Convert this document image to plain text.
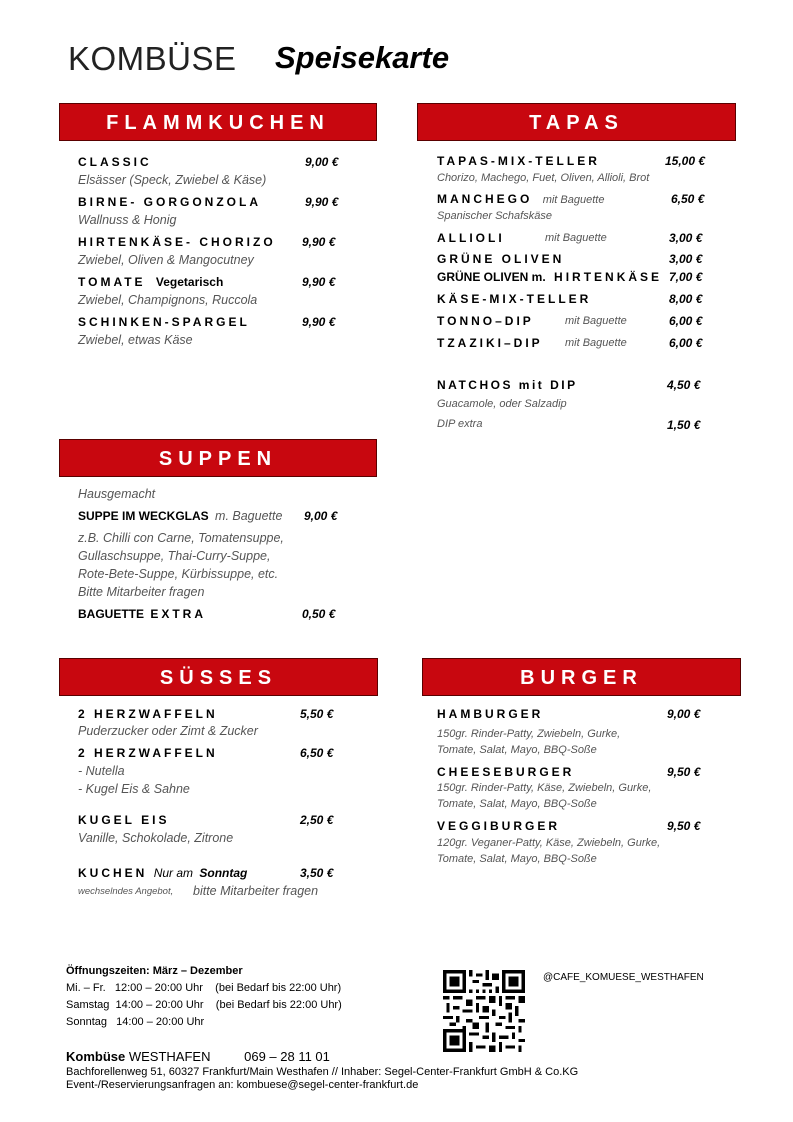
KOMBÜSE Speisekarte
FLAMMKUCHEN
CLASSIC	9,00 €
Elsässer (Speck, Zwiebel & Käse)
BIRNE- GORGONZOLA	9,90 €
Wallnuss & Honig
HIRTENKÄSE- CHORIZO 9,90 €
Zwiebel, Oliven & Mangocutney
TOMATE Vegetarisch	9,90 €
Zwiebel, Champignons, Ruccola
SCHINKEN-SPARGEL	9,90 €
Zwiebel, etwas Käse
TAPAS
TAPAS-MIX-TELLER	15,00 €
Chorizo, Machego, Fuet, Oliven, Allioli, Brot
MANCHEGO mit Baguette	6,50 €
Spanischer Schafskäse
ALLIOLI	mit Baguette	3,00 €
GRÜNE OLIVEN	3,00 €
GRÜNE OLIVEN m. HIRTENKÄSE 7,00 €
KÄSE-MIX-TELLER	8,00 €
TONNO–DIP	mit Baguette	6,00 €
TZAZIKI–DIP mit Baguette	6,00 €
NATCHOS mit DIP	4,50 €
Guacamole, oder Salzadip
DIP extra	1,50 €
SUPPEN
Hausgemacht
SUPPE IM WECKGLAS m. Baguette 9,00 €
z.B. Chilli con Carne, Tomatensuppe,
Gullaschsuppe, Thai-Curry-Suppe,
Rote-Bete-Suppe, Kürbissuppe, etc.
Bitte Mitarbeiter fragen
BAGUETTE EXTRA	0,50 €
SÜSSES
2 HERZWAFFELN	5,50 €
Puderzucker oder Zimt & Zucker
2 HERZWAFFELN	6,50 €
- Nutella
- Kugel Eis & Sahne
KUGEL EIS	2,50 €
Vanille, Schokolade, Zitrone
KUCHEN Nur am Sonntag	3,50 €
wechselndes Angebot, bitte Mitarbeiter fragen
BURGER
HAMBURGER	9,00 €
150gr. Rinder-Patty, Zwiebeln, Gurke,
Tomate, Salat, Mayo, BBQ-Soße
CHEESEBURGER	9,50 €
150gr. Rinder-Patty, Käse, Zwiebeln, Gurke,
Tomate, Salat, Mayo, BBQ-Soße
VEGGIBURGER	9,50 €
120gr. Veganer-Patty, Käse, Zwiebeln, Gurke,
Tomate, Salat, Mayo, BBQ-Soße
Öffnungszeiten: März – Dezember
Mi. – Fr.   12:00 – 20:00 Uhr    (bei Bedarf bis 22:00 Uhr)
Samstag  14:00 – 20:00 Uhr    (bei Bedarf bis 22:00 Uhr)
Sonntag   14:00 – 20:00 Uhr
@CAFE_KOMUESE_WESTHAFEN
Kombüse WESTHAFEN	069 – 28 11 01
Bachforellenweg 51, 60327 Frankfurt/Main Westhafen // Inhaber: Segel-Center-Frankfurt GmbH & Co.KG
Event-/Reservierungsanfragen an: kombuese@segel-center-frankfurt.de
